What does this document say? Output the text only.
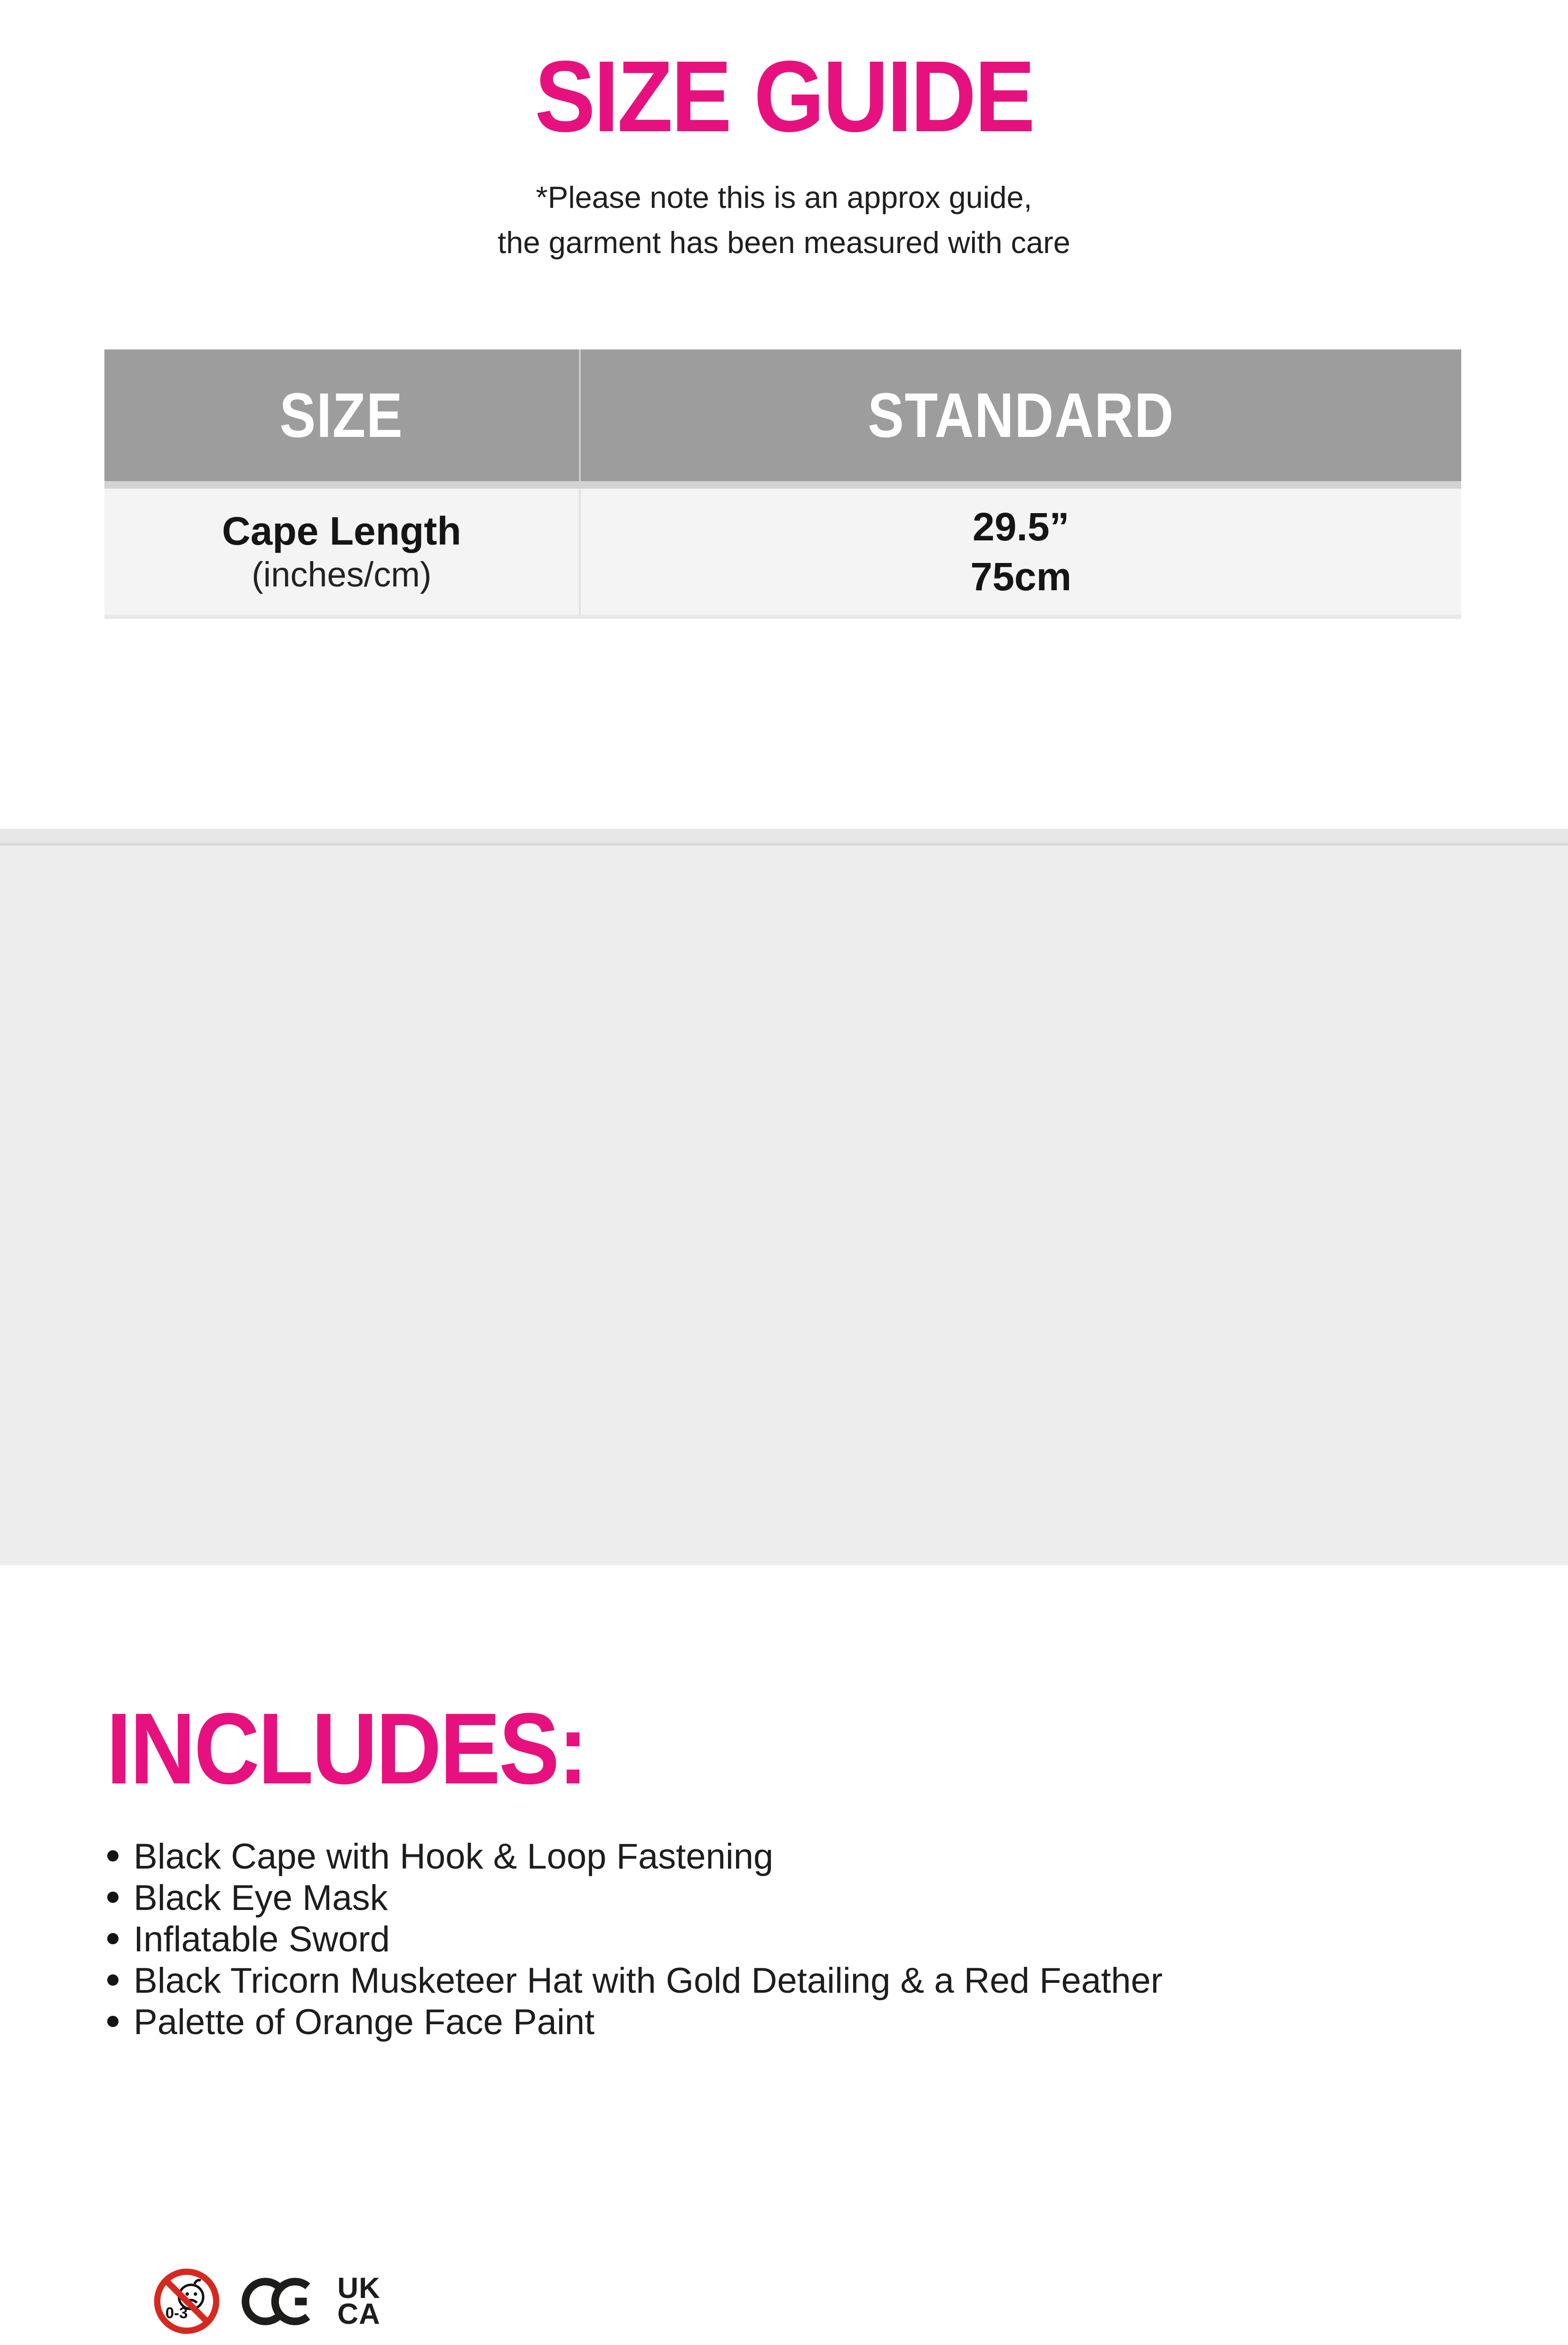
SIZE GUIDE

*Please note this is an approx guide,
the garment has been measured with care

SIZE	STANDARD
Cape Length
(inches/cm)
29.5”
75cm
INCLUDES:
Black Cape with Hook & Loop Fastening
Black Eye Mask
Inflatable Sword
Black Tricorn Musketeer Hat with Gold Detailing & a Red Feather
Palette of Orange Face Paint
0-3
UK
CA
